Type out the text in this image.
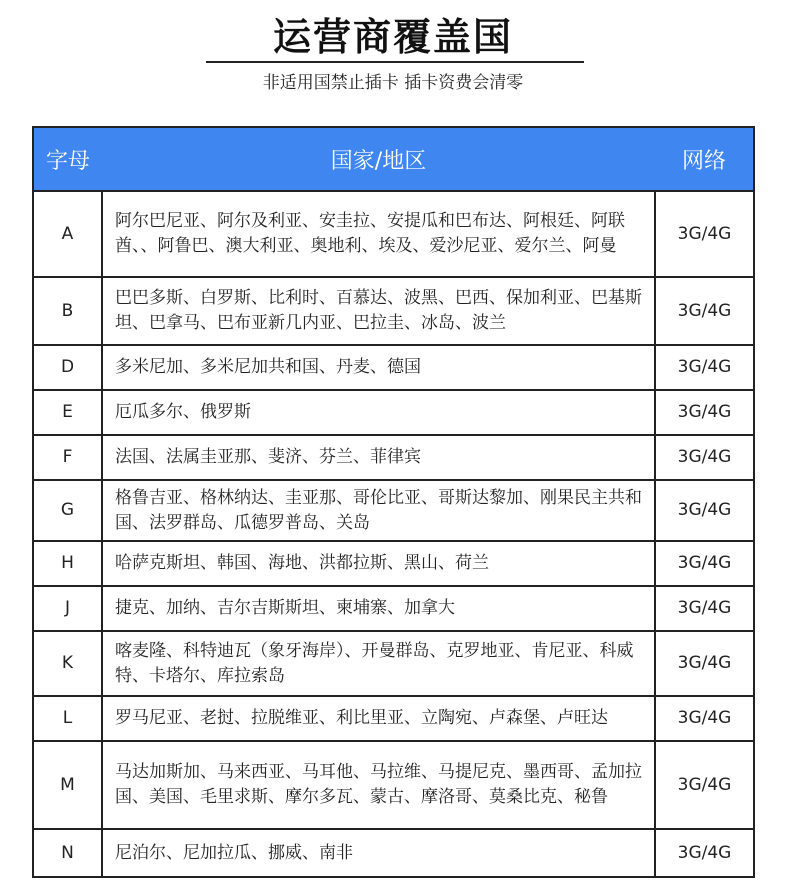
运营商覆盖国
非适用国禁止插卡 插卡资费会清零
字母	国家/地区	网络
A	阿尔巴尼亚、阿尔及利亚、安圭拉、安提瓜和巴布达、阿根廷、阿联酋、、阿鲁巴、澳大利亚、奥地利、埃及、爱沙尼亚、爱尔兰、阿曼	3G/4G
B	巴巴多斯、白罗斯、比利时、百慕达、波黑、巴西、保加利亚、巴基斯坦、巴拿马、巴布亚新几内亚、巴拉圭、冰岛、波兰	3G/4G
D	多米尼加、多米尼加共和国、丹麦、德国	3G/4G
E	厄瓜多尔、俄罗斯	3G/4G
F	法国、法属圭亚那、斐济、芬兰、菲律宾	3G/4G
G	格鲁吉亚、格林纳达、圭亚那、哥伦比亚、哥斯达黎加、刚果民主共和国、法罗群岛、瓜德罗普岛、关岛	3G/4G
H	哈萨克斯坦、韩国、海地、洪都拉斯、黑山、荷兰	3G/4G
J	捷克、加纳、吉尔吉斯斯坦、柬埔寨、加拿大	3G/4G
K	喀麦隆、科特迪瓦（象牙海岸）、开曼群岛、克罗地亚、肯尼亚、科威特、卡塔尔、库拉索岛	3G/4G
L	罗马尼亚、老挝、拉脱维亚、利比里亚、立陶宛、卢森堡、卢旺达	3G/4G
M	马达加斯加、马来西亚、马耳他、马拉维、马提尼克、墨西哥、孟加拉国、美国、毛里求斯、摩尔多瓦、蒙古、摩洛哥、莫桑比克、秘鲁	3G/4G
N	尼泊尔、尼加拉瓜、挪威、南非	3G/4G
